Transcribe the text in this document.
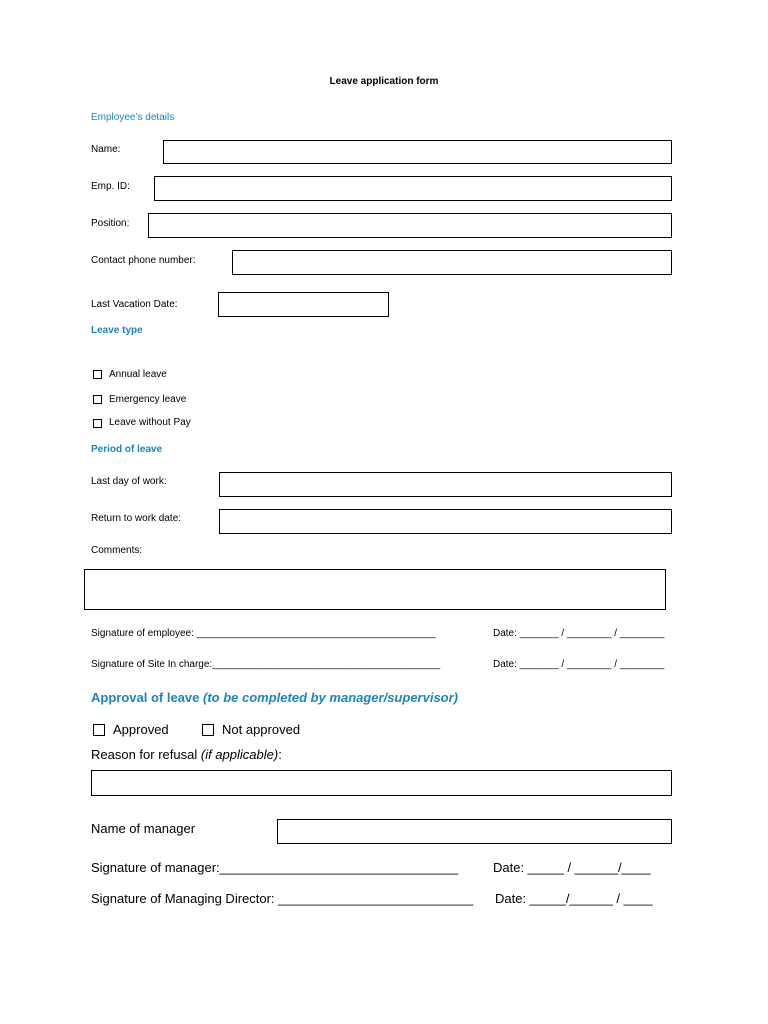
Leave application form
Employee’s details
Name:
Emp. ID:
Position:
Contact phone number:
Last Vacation Date:
Leave type
Annual leave
Emergency leave
Leave without Pay
Period of leave
Last day of work:
Return to work date:
Comments:
Signature of employee: ___________________________________________	Date: _______ / ________ / ________
Signature of Site In charge:_________________________________________	Date: _______ / ________ / ________
Approval of leave (to be completed by manager/supervisor)
Approved	Not approved
Reason for refusal (if applicable):
Name of manager
Signature of manager:_________________________________	Date: _____ / ______/____
Signature of Managing Director: ___________________________ Date: _____/______ / ____
